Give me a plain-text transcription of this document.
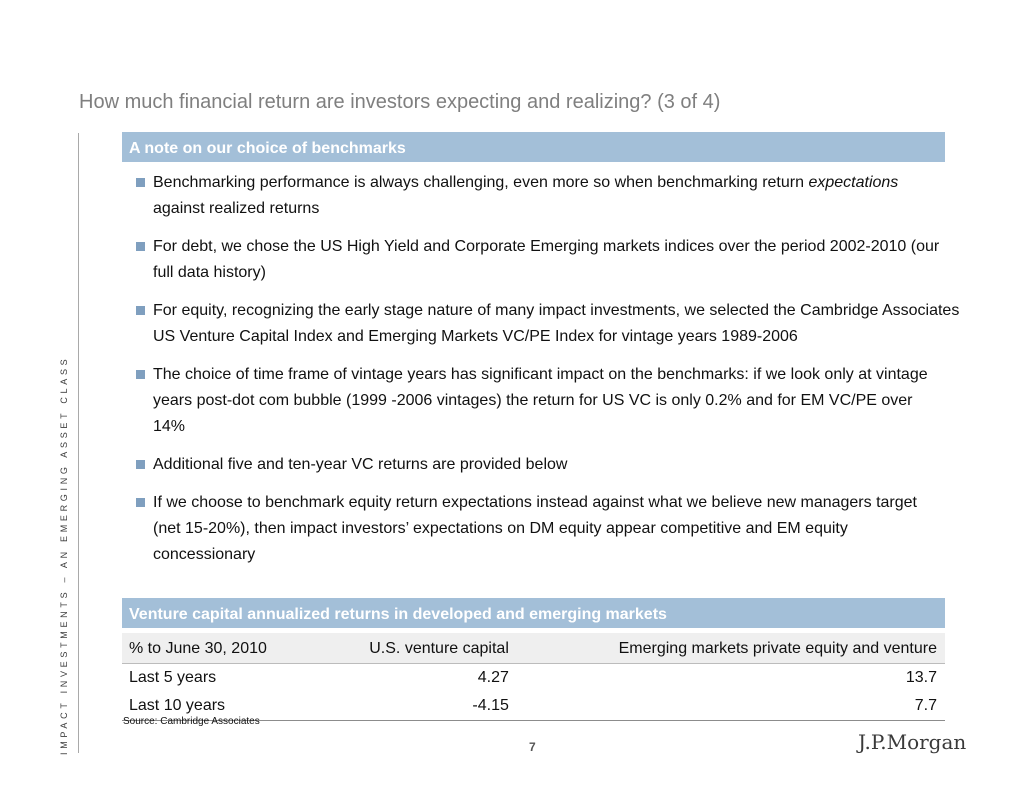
How much financial return are investors expecting and realizing? (3 of 4)
IMPACT INVESTMENTS – AN EMERGING ASSET CLASS
A note on our choice of benchmarks
Benchmarking performance is always challenging, even more so when benchmarking return expectations against realized returns
For debt, we chose the US High Yield and Corporate Emerging markets indices over the period 2002-2010 (our full data history)
For equity, recognizing the early stage nature of many impact investments, we selected the Cambridge Associates US Venture Capital Index and Emerging Markets VC/PE Index for vintage years 1989-2006
The choice of time frame of vintage years has significant impact on the benchmarks: if we look only at vintage years post-dot com bubble (1999 -2006 vintages) the return for US VC is only 0.2% and for EM VC/PE over 14%
Additional five and ten-year VC returns are provided below
If we choose to benchmark equity return expectations instead against what we believe new managers target (net 15-20%), then impact investors’ expectations on DM equity appear competitive and EM equity concessionary
Venture capital annualized returns in developed and emerging markets
% to June 30, 2010	U.S. venture capital	Emerging markets private equity and venture
Last 5 years	4.27	13.7
Last 10 years	-4.15	7.7
Source: Cambridge Associates
7	J.P.Morgan
